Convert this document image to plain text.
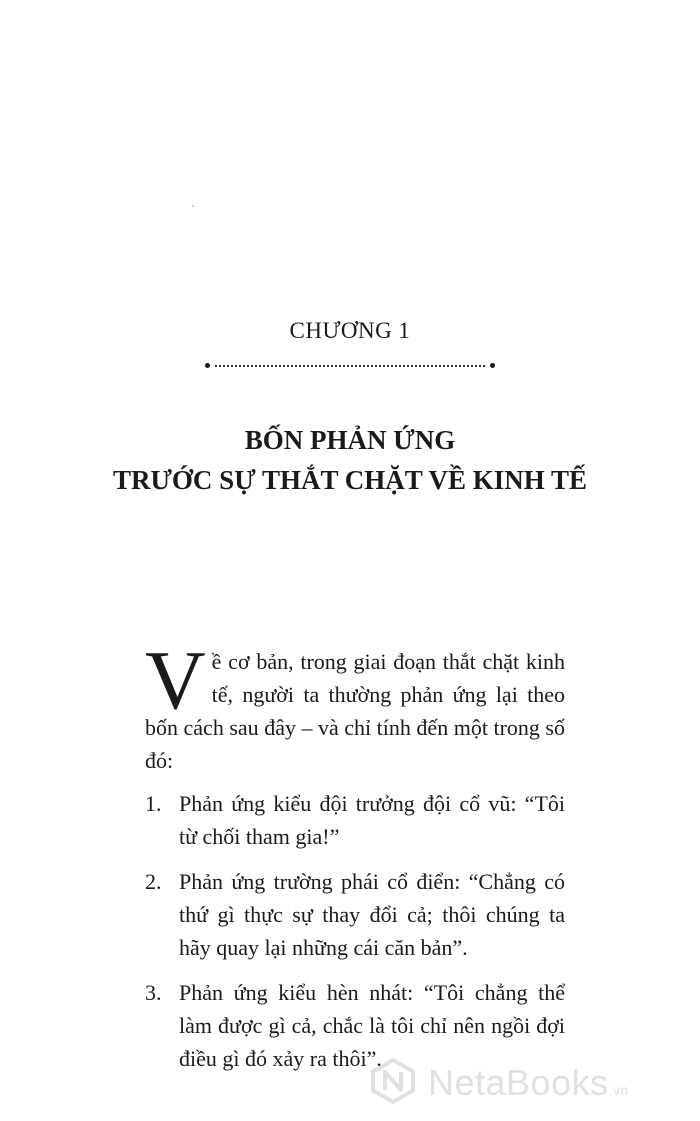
CHƯƠNG 1
BỐN PHẢN ỨNG
TRƯỚC SỰ THẮT CHẶT VỀ KINH TẾ

Về cơ bản, trong giai đoạn thắt chặt kinh tế, người ta thường phản ứng lại theo bốn cách sau đây – và chỉ tính đến một trong số đó:

1. Phản ứng kiểu đội trưởng đội cổ vũ: “Tôi từ chối tham gia!”
2. Phản ứng trường phái cổ điển: “Chẳng có thứ gì thực sự thay đổi cả; thôi chúng ta hãy quay lại những cái căn bản”.
3. Phản ứng kiểu hèn nhát: “Tôi chẳng thể làm được gì cả, chắc là tôi chỉ nên ngồi đợi điều gì đó xảy ra thôi”.
NetaBooks.vn
